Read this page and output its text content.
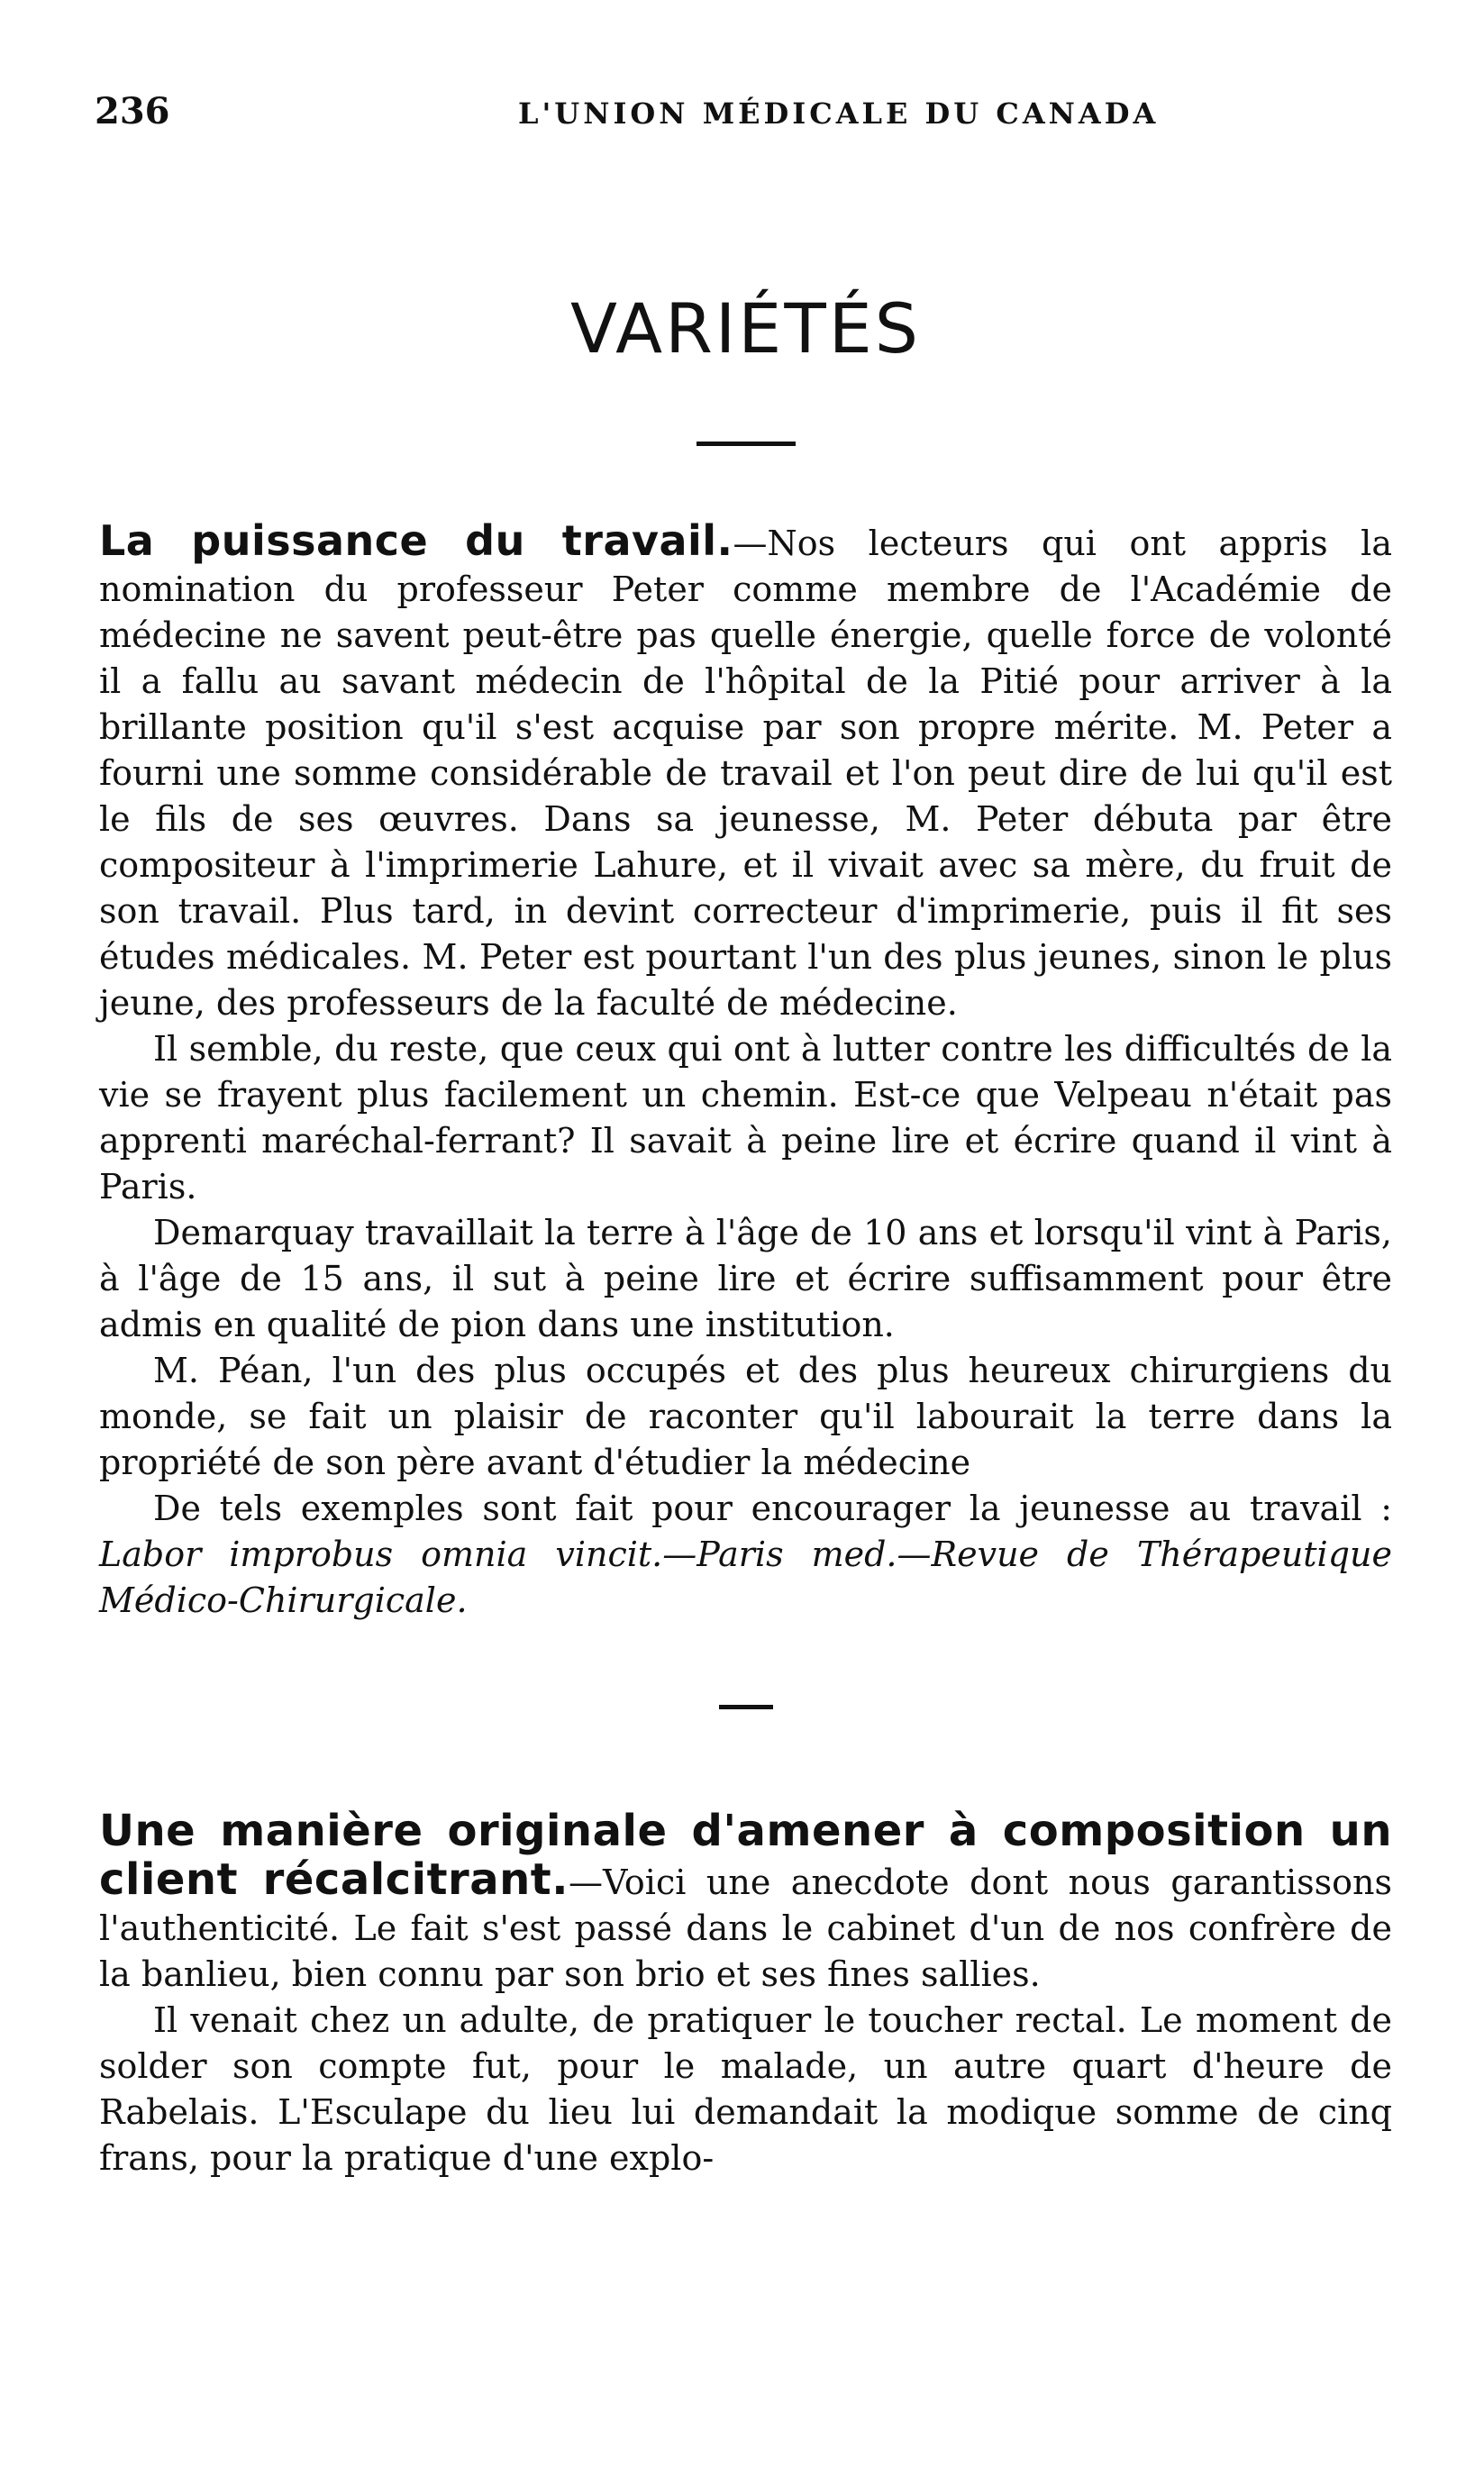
236	L'UNION MÉDICALE DU CANADA
VARIÉTÉS

La puissance du travail.—Nos lecteurs qui ont appris la nomination du professeur Peter comme membre de l'Académie de médecine ne savent peut-être pas quelle énergie, quelle force de volonté il a fallu au savant médecin de l'hôpital de la Pitié pour arriver à la brillante position qu'il s'est acquise par son propre mérite. M. Peter a fourni une somme considérable de travail et l'on peut dire de lui qu'il est le fils de ses œuvres. Dans sa jeunesse, M. Peter débuta par être compositeur à l'imprimerie Lahure, et il vivait avec sa mère, du fruit de son travail. Plus tard, in devint correcteur d'imprimerie, puis il fit ses études médicales. M. Peter est pourtant l'un des plus jeunes, sinon le plus jeune, des professeurs de la faculté de médecine.

Il semble, du reste, que ceux qui ont à lutter contre les difficultés de la vie se frayent plus facilement un chemin. Est-ce que Velpeau n'était pas apprenti maréchal-ferrant? Il savait à peine lire et écrire quand il vint à Paris.

Demarquay travaillait la terre à l'âge de 10 ans et lorsqu'il vint à Paris, à l'âge de 15 ans, il sut à peine lire et écrire suffisamment pour être admis en qualité de pion dans une institution.

M. Péan, l'un des plus occupés et des plus heureux chirurgiens du monde, se fait un plaisir de raconter qu'il labourait la terre dans la propriété de son père avant d'étudier la médecine

De tels exemples sont fait pour encourager la jeunesse au travail : Labor improbus omnia vincit.—Paris med.—Revue de Thérapeutique Médico-Chirurgicale.

Une manière originale d'amener à composition un client récalcitrant.—Voici une anecdote dont nous garantissons l'authenticité. Le fait s'est passé dans le cabinet d'un de nos confrère de la banlieu, bien connu par son brio et ses fines sallies.

Il venait chez un adulte, de pratiquer le toucher rectal. Le moment de solder son compte fut, pour le malade, un autre quart d'heure de Rabelais. L'Esculape du lieu lui demandait la modique somme de cinq frans, pour la pratique d'une explo-
